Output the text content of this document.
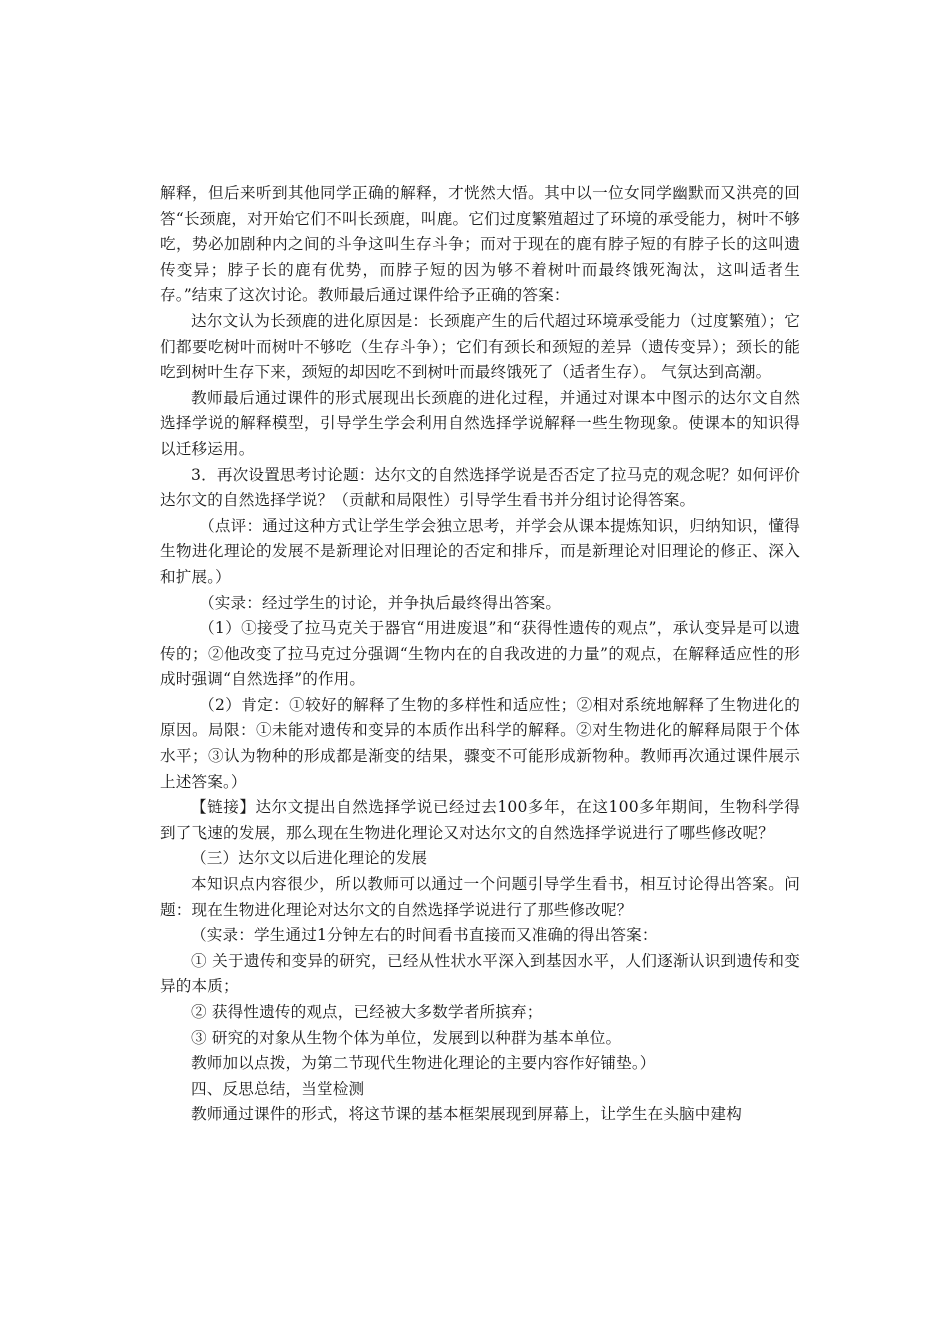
解释，但后来听到其他同学正确的解释，才恍然大悟。其中以一位女同学幽默而又洪亮的回答“长颈鹿，对开始它们不叫长颈鹿，叫鹿。它们过度繁殖超过了环境的承受能力，树叶不够吃，势必加剧种内之间的斗争这叫生存斗争；而对于现在的鹿有脖子短的有脖子长的这叫遗传变异；脖子长的鹿有优势，而脖子短的因为够不着树叶而最终饿死淘汰，这叫适者生存。”结束了这次讨论。教师最后通过课件给予正确的答案：

达尔文认为长颈鹿的进化原因是：长颈鹿产生的后代超过环境承受能力（过度繁殖）；它们都要吃树叶而树叶不够吃（生存斗争）；它们有颈长和颈短的差异（遗传变异）；颈长的能吃到树叶生存下来，颈短的却因吃不到树叶而最终饿死了（适者生存）。 气氛达到高潮。

教师最后通过课件的形式展现出长颈鹿的进化过程，并通过对课本中图示的达尔文自然选择学说的解释模型，引导学生学会利用自然选择学说解释一些生物现象。使课本的知识得以迁移运用。

3．再次设置思考讨论题：达尔文的自然选择学说是否否定了拉马克的观念呢？如何评价达尔文的自然选择学说？（贡献和局限性）引导学生看书并分组讨论得答案。

（点评：通过这种方式让学生学会独立思考，并学会从课本提炼知识，归纳知识，懂得生物进化理论的发展不是新理论对旧理论的否定和排斥，而是新理论对旧理论的修正、深入和扩展。）

（实录：经过学生的讨论，并争执后最终得出答案。

（1）①接受了拉马克关于器官“用进废退”和“获得性遗传的观点”，承认变异是可以遗传的；②他改变了拉马克过分强调“生物内在的自我改进的力量”的观点，在解释适应性的形成时强调“自然选择”的作用。

（2）肯定：①较好的解释了生物的多样性和适应性；②相对系统地解释了生物进化的原因。局限：①未能对遗传和变异的本质作出科学的解释。②对生物进化的解释局限于个体水平；③认为物种的形成都是渐变的结果，骤变不可能形成新物种。教师再次通过课件展示上述答案。）

【链接】达尔文提出自然选择学说已经过去100多年，在这100多年期间，生物科学得到了飞速的发展，那么现在生物进化理论又对达尔文的自然选择学说进行了哪些修改呢？

（三）达尔文以后进化理论的发展

本知识点内容很少，所以教师可以通过一个问题引导学生看书，相互讨论得出答案。问题：现在生物进化理论对达尔文的自然选择学说进行了那些修改呢？

（实录：学生通过1分钟左右的时间看书直接而又准确的得出答案：

① 关于遗传和变异的研究，已经从性状水平深入到基因水平，人们逐渐认识到遗传和变异的本质；

② 获得性遗传的观点，已经被大多数学者所摈弃；

③ 研究的对象从生物个体为单位，发展到以种群为基本单位。

教师加以点拨，为第二节现代生物进化理论的主要内容作好铺垫。）

四、反思总结，当堂检测

教师通过课件的形式，将这节课的基本框架展现到屏幕上，让学生在头脑中建构
